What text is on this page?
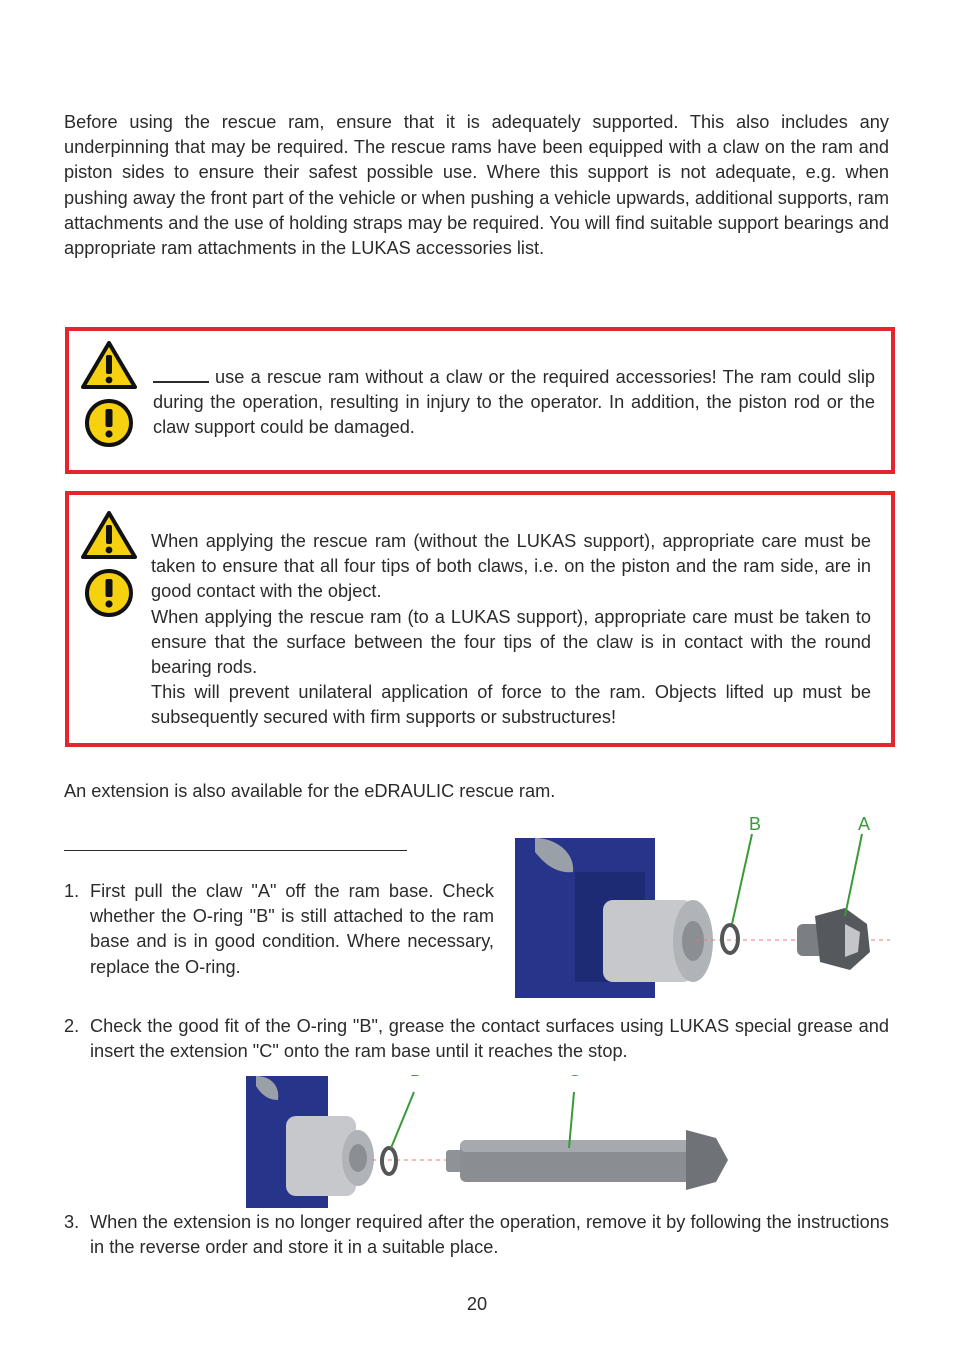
Before using the rescue ram, ensure that it is adequately supported. This also includes any underpinning that may be required. The rescue rams have been equipped with a claw on the ram and piston sides to ensure their safest possible use. Where this support is not adequate, e.g. when pushing away the front part of the vehicle or when pushing a vehicle upwards, additional supports, ram attachments and the use of holding straps may be required. You will find suitable support bearings and appropriate ram attachments in the LUKAS accessories list.
use a rescue ram without a claw or the required accessories! The ram could slip during the operation, resulting in injury to the operator. In addition, the piston rod or the claw support could be damaged.
When applying the rescue ram (without the LUKAS support), appropriate care must be taken to ensure that all four tips of both claws, i.e. on the piston and the ram side, are in good contact with the object.
When applying the rescue ram (to a LUKAS support), appropriate care must be taken to ensure that the surface between the four tips of the claw is in contact with the round bearing rods.
This will prevent unilateral application of force to the ram. Objects lifted up must be subsequently secured with firm supports or substructures!
An extension is also available for the eDRAULIC rescue ram.
1. First pull the claw "A" off the ram base. Check whether the O-ring "B" is still attached to the ram base and is in good condition. Where necessary, replace the O-ring.
B	A
2. Check the good fit of the O-ring "B", grease the contact surfaces using LUKAS special grease and insert the extension "C" onto the ram base until it reaches the stop.
3. When the extension is no longer required after the operation, remove it by following the instructions in the reverse order and store it in a suitable place.
20
